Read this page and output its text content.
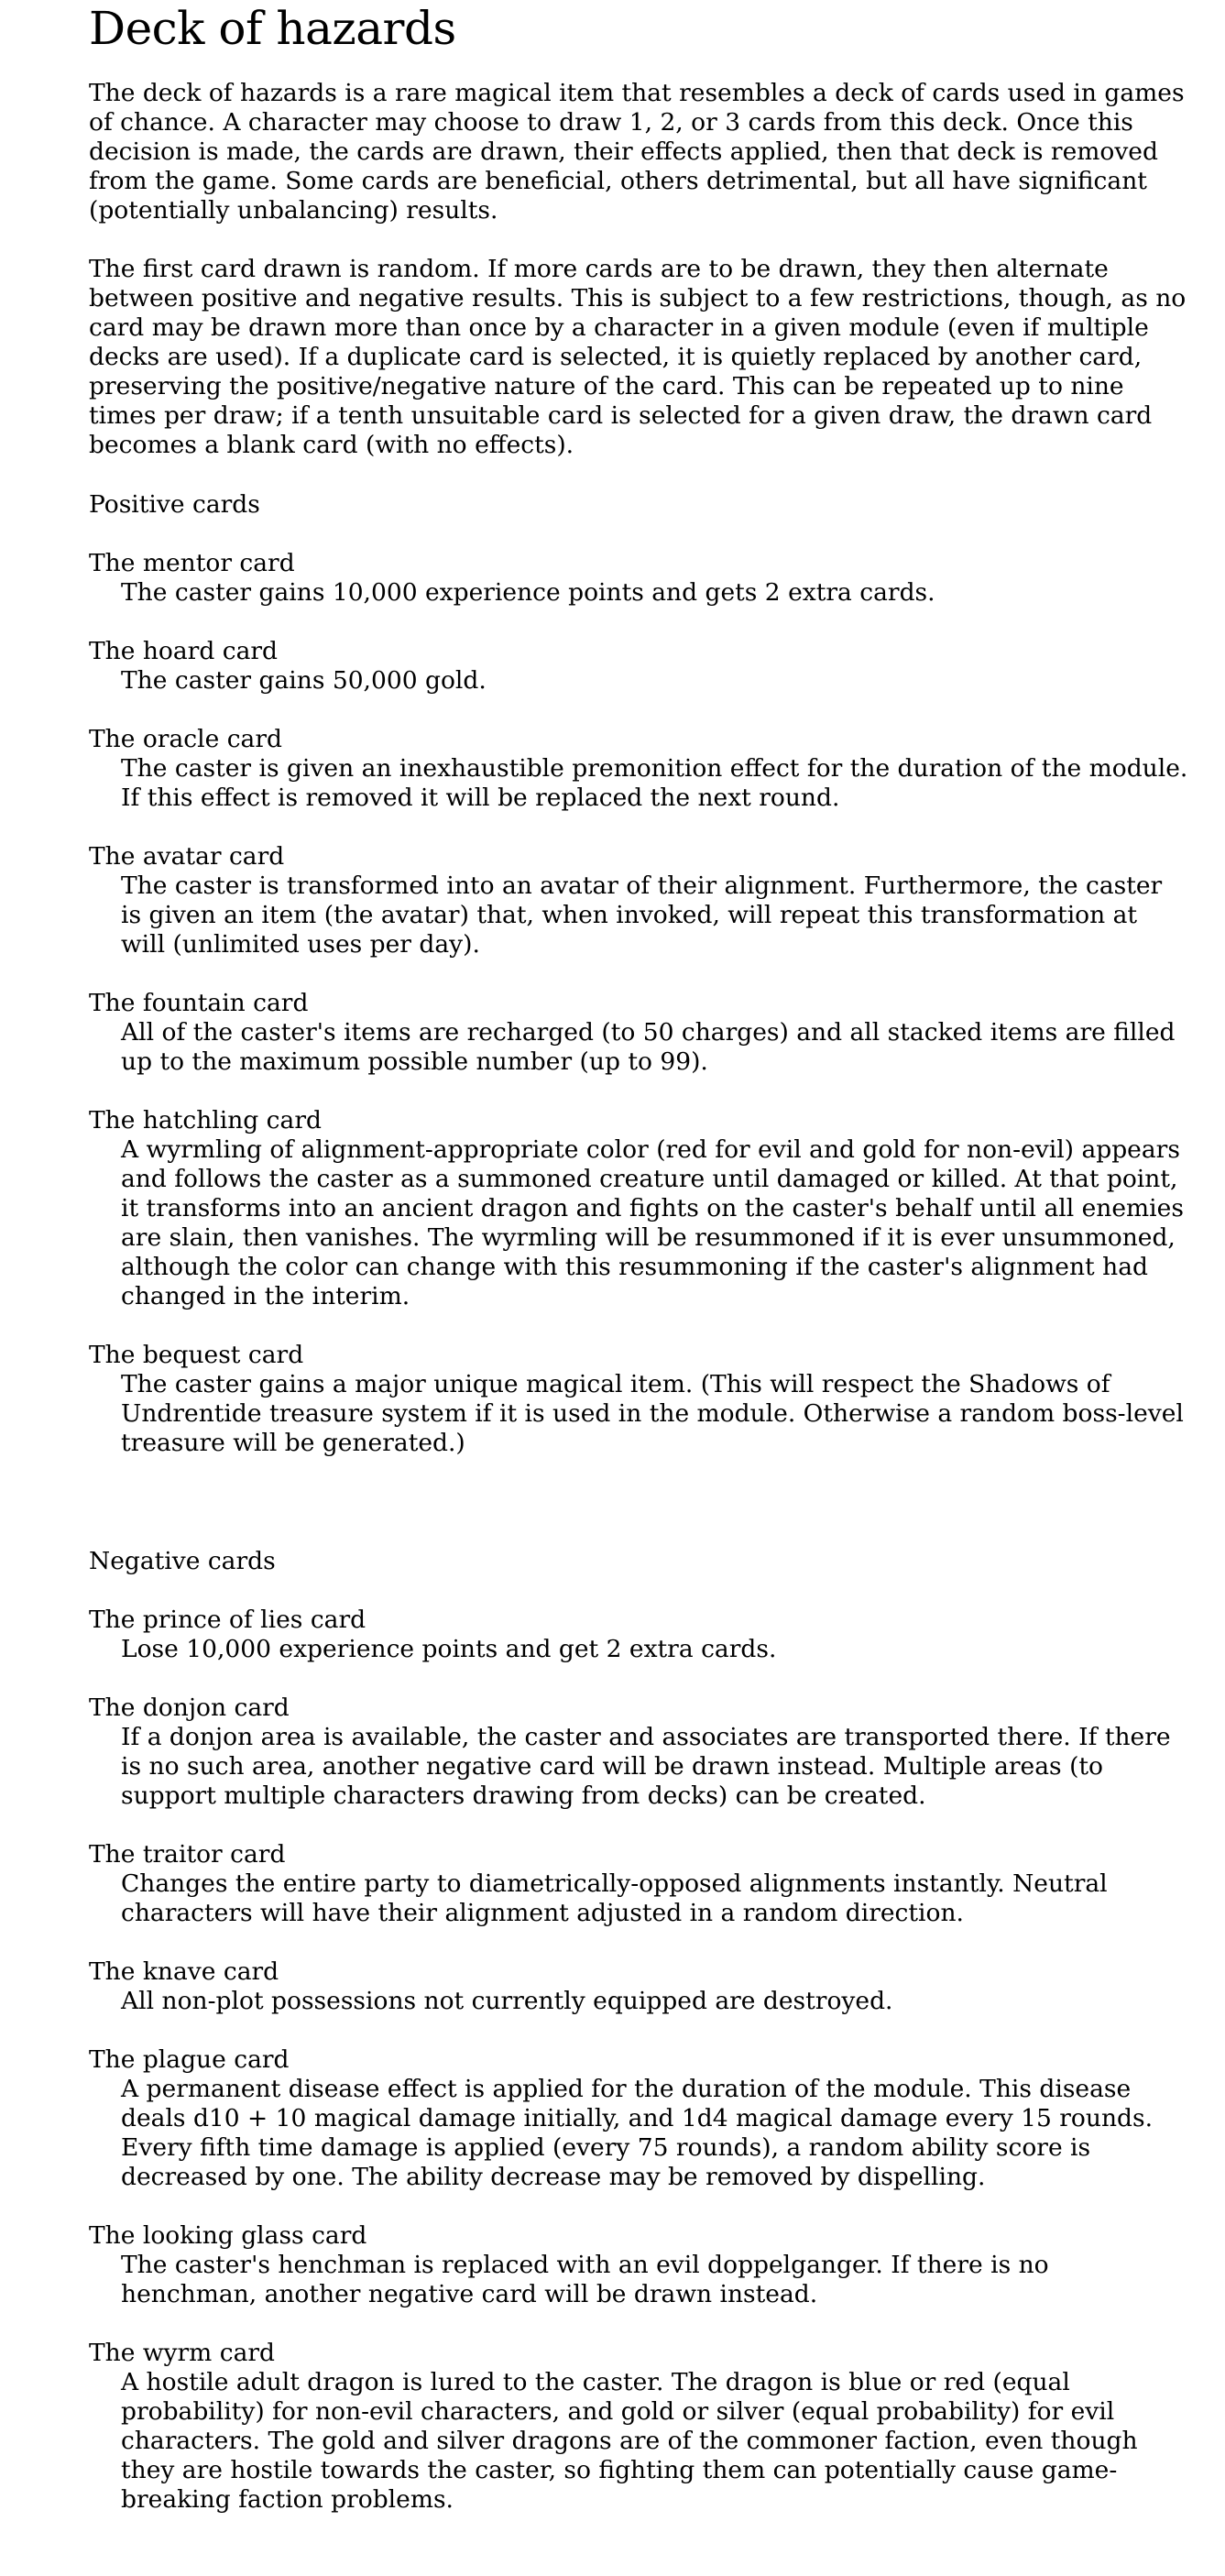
Deck of hazards

The deck of hazards is a rare magical item that resembles a deck of cards used in games of chance. A character may choose to draw 1, 2, or 3 cards from this deck. Once this decision is made, the cards are drawn, their effects applied, then that deck is removed from the game. Some cards are beneficial, others detrimental, but all have significant (potentially unbalancing) results.

The first card drawn is random. If more cards are to be drawn, they then alternate between positive and negative results. This is subject to a few restrictions, though, as no card may be drawn more than once by a character in a given module (even if multiple decks are used). If a duplicate card is selected, it is quietly replaced by another card, preserving the positive/negative nature of the card. This can be repeated up to nine times per draw; if a tenth unsuitable card is selected for a given draw, the drawn card becomes a blank card (with no effects).

Positive cards
The mentor card
The caster gains 10,000 experience points and gets 2 extra cards.
The hoard card
The caster gains 50,000 gold.
The oracle card
The caster is given an inexhaustible premonition effect for the duration of the module. If this effect is removed it will be replaced the next round.
The avatar card
The caster is transformed into an avatar of their alignment. Furthermore, the caster is given an item (the avatar) that, when invoked, will repeat this transformation at will (unlimited uses per day).
The fountain card
All of the caster's items are recharged (to 50 charges) and all stacked items are filled up to the maximum possible number (up to 99).
The hatchling card
A wyrmling of alignment-appropriate color (red for evil and gold for non-evil) appears and follows the caster as a summoned creature until damaged or killed. At that point, it transforms into an ancient dragon and fights on the caster's behalf until all enemies are slain, then vanishes. The wyrmling will be resummoned if it is ever unsummoned, although the color can change with this resummoning if the caster's alignment had changed in the interim.
The bequest card
The caster gains a major unique magical item. (This will respect the Shadows of Undrentide treasure system if it is used in the module. Otherwise a random boss-level treasure will be generated.)
Negative cards
The prince of lies card
Lose 10,000 experience points and get 2 extra cards.
The donjon card
If a donjon area is available, the caster and associates are transported there. If there is no such area, another negative card will be drawn instead. Multiple areas (to support multiple characters drawing from decks) can be created.
The traitor card
Changes the entire party to diametrically-opposed alignments instantly. Neutral characters will have their alignment adjusted in a random direction.
The knave card
All non-plot possessions not currently equipped are destroyed.
The plague card
A permanent disease effect is applied for the duration of the module. This disease deals d10 + 10 magical damage initially, and 1d4 magical damage every 15 rounds. Every fifth time damage is applied (every 75 rounds), a random ability score is decreased by one. The ability decrease may be removed by dispelling.
The looking glass card
The caster's henchman is replaced with an evil doppelganger. If there is no henchman, another negative card will be drawn instead.
The wyrm card
A hostile adult dragon is lured to the caster. The dragon is blue or red (equal probability) for non-evil characters, and gold or silver (equal probability) for evil characters. The gold and silver dragons are of the commoner faction, even though they are hostile towards the caster, so fighting them can potentially cause game-breaking faction problems.
